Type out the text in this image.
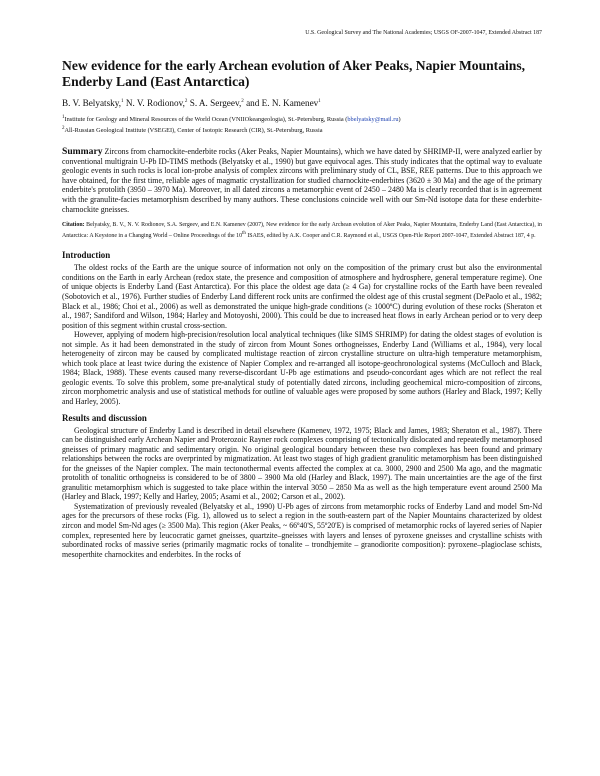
U.S. Geological Survey and The National Academies; USGS OF-2007-1047, Extended Abstract 187
New evidence for the early Archean evolution of Aker Peaks, Napier Mountains, Enderby Land (East Antarctica)
B. V. Belyatsky,$^1$ N. V. Rodionov,$^2$ S. A. Sergeev,$^2$ and E. N. Kamenev$^1$

$^1$Institute for Geology and Mineral Resources of the World Ocean (VNIIOkeangeologia), St.-Petersburg, Russia (bbelyatsky@mail.ru)

$^2$All-Russian Geological Institute (VSEGEI), Center of Isotopic Research (CIR), St.-Petersburg, Russia

Summary Zircons from charnockite-enderbite rocks (Aker Peaks, Napier Mountains), which we have dated by SHRIMP-II, were analyzed earlier by conventional multigrain U-Pb ID-TIMS methods (Belyatsky et al., 1990) but gave equivocal ages. This study indicates that the optimal way to evaluate geologic events in such rocks is local ion-probe analysis of complex zircons with preliminary study of CL, BSE, REE patterns. Due to this approach we have obtained, for the first time, reliable ages of magmatic crystallization for studied charnockite-enderbites (3620 ± 30 Ma) and the age of the primary enderbite's protolith (3950 – 3970 Ma). Moreover, in all dated zircons a metamorphic event of 2450 – 2480 Ma is clearly recorded that is in agreement with the granulite-facies metamorphism described by many authors. These conclusions coincide well with our Sm-Nd isotope data for these enderbite-charnockite gneisses.

Citation: Belyatsky, B. V., N. V. Rodionov, S.A. Sergeev, and E.N. Kamenev (2007), New evidence for the early Archean evolution of Aker Peaks, Napier Mountains, Enderby Land (East Antarctica), in Antarctica: A Keystone in a Changing World – Online Proceedings of the 10th ISAES, edited by A.K. Cooper and C.R. Raymond et al., USGS Open-File Report 2007-1047, Extended Abstract 187, 4 p.

Introduction

The oldest rocks of the Earth are the unique source of information not only on the composition of the primary crust but also the environmental conditions on the Earth in early Archean (redox state, the presence and composition of atmosphere and hydrosphere, general temperature regime). One of unique objects is Enderby Land (East Antarctica). For this place the oldest age data (≥ 4 Ga) for crystalline rocks of the Earth have been revealed (Sobotovich et al., 1976). Further studies of Enderby Land different rock units are confirmed the oldest age of this crustal segment (DePaolo et al., 1982; Black et al., 1986; Choi et al., 2006) as well as demonstrated the unique high-grade conditions (≥ 1000ºC) during evolution of these rocks (Sheraton et al., 1987; Sandiford and Wilson, 1984; Harley and Motoyoshi, 2000). This could be due to increased heat flows in early Archean period or to very deep position of this segment within crustal cross-section.

However, applying of modern high-precision/resolution local analytical techniques (like SIMS SHRIMP) for dating the oldest stages of evolution is not simple. As it had been demonstrated in the study of zircon from Mount Sones orthogneisses, Enderby Land (Williams et al., 1984), very local heterogeneity of zircon may be caused by complicated multistage reaction of zircon crystalline structure on ultra-high temperature metamorphism, which took place at least twice during the existence of Napier Complex and re-arranged all isotope-geochronological systems (McCulloch and Black, 1984; Black, 1988). These events caused many reverse-discordant U-Pb age estimations and pseudo-concordant ages which are not reflect the real geologic events. To solve this problem, some pre-analytical study of potentially dated zircons, including geochemical micro-composition of zircons, zircon morphometric analysis and use of statistical methods for outline of valuable ages were proposed by some authors (Harley and Black, 1997; Kelly and Harley, 2005).

Results and discussion

Geological structure of Enderby Land is described in detail elsewhere (Kamenev, 1972, 1975; Black and James, 1983; Sheraton et al., 1987). There can be distinguished early Archean Napier and Proterozoic Rayner rock complexes comprising of tectonically dislocated and repeatedly metamorphosed gneisses of primary magmatic and sedimentary origin. No original geological boundary between these two complexes has been found and primary relationships between the rocks are overprinted by migmatization. At least two stages of high gradient granulitic metamorphism has been distinguished for the gneisses of the Napier complex. The main tectonothermal events affected the complex at ca. 3000, 2900 and 2500 Ma ago, and the magmatic protolith of tonalitic orthogneiss is considered to be of 3800 – 3900 Ma old (Harley and Black, 1997). The main uncertainties are the age of the first granulitic metamorphism which is suggested to take place within the interval 3050 – 2850 Ma as well as the high temperature event around 2500 Ma (Harley and Black, 1997; Kelly and Harley, 2005; Asami et al., 2002; Carson et al., 2002).

Systematization of previously revealed (Belyatsky et al., 1990) U-Pb ages of zircons from metamorphic rocks of Enderby Land and model Sm-Nd ages for the precursors of these rocks (Fig. 1), allowed us to select a region in the south-eastern part of the Napier Mountains characterized by oldest zircon and model Sm-Nd ages (≥ 3500 Ma). This region (Aker Peaks, ~ 66º40'S, 55º20'E) is comprised of metamorphic rocks of layered series of Napier complex, represented here by leucocratic garnet gneisses, quartzite–gneisses with layers and lenses of pyroxene gneisses and crystalline schists with subordinated rocks of massive series (primarily magmatic rocks of tonalite – trondhjemite – granodiorite composition): pyroxene–plagioclase schists, mesoperthite charnockites and enderbites. In the rocks of
